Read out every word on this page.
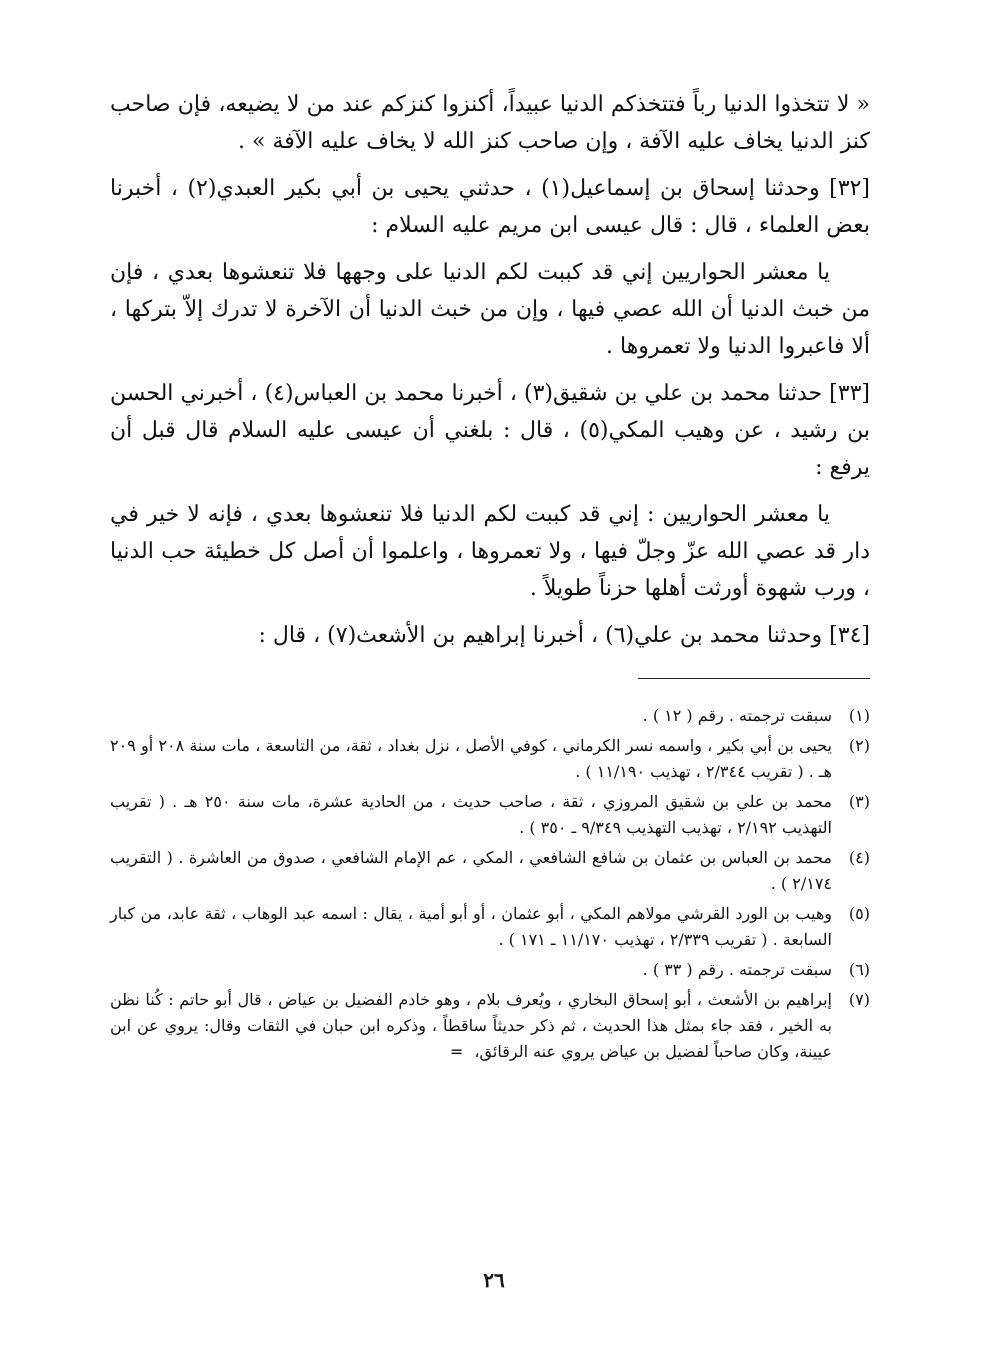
« لا تتخذوا الدنيا رباً فتتخذكم الدنيا عبيداً، أكنزوا كنزكم عند من لا يضيعه، فإن صاحب كنز الدنيا يخاف عليه الآفة ، وإن صاحب كنز الله لا يخاف عليه الآفة » .

[٣٢] وحدثنا إسحاق بن إسماعيل(١) ، حدثني يحيى بن أبي بكير العبدي(٢) ، أخبرنا بعض العلماء ، قال : قال عيسى ابن مريم عليه السلام :

يا معشر الحواريين إني قد كببت لكم الدنيا على وجهها فلا تنعشوها بعدي ، فإن من خبث الدنيا أن الله عصي فيها ، وإن من خبث الدنيا أن الآخرة لا تدرك إلاّ بتركها ، ألا فاعبروا الدنيا ولا تعمروها .

[٣٣] حدثنا محمد بن علي بن شقيق(٣) ، أخبرنا محمد بن العباس(٤) ، أخبرني الحسن بن رشيد ، عن وهيب المكي(٥) ، قال : بلغني أن عيسى عليه السلام قال قبل أن يرفع :

يا معشر الحواريين : إني قد كببت لكم الدنيا فلا تنعشوها بعدي ، فإنه لا خير في دار قد عصي الله عزّ وجلّ فيها ، ولا تعمروها ، واعلموا أن أصل كل خطيئة حب الدنيا ، ورب شهوة أورثت أهلها حزناً طويلاً .

[٣٤] وحدثنا محمد بن علي(٦) ، أخبرنا إبراهيم بن الأشعث(٧) ، قال :

(١)
سبقت ترجمته . رقم ( ١٢ ) .
(٢)
يحيى بن أبي بكير ، واسمه نسر الكرماني ، كوفي الأصل ، نزل بغداد ، ثقة، من التاسعة ، مات سنة ٢٠٨ أو ٢٠٩ هـ . ( تقريب ٢/٣٤٤ ، تهذيب ١١/١٩٠ ) .
(٣)
محمد بن علي بن شقيق المروزي ، ثقة ، صاحب حديث ، من الحادية عشرة، مات سنة ٢٥٠ هـ . ( تقريب التهذيب ٢/١٩٢ ، تهذيب التهذيب ٩/٣٤٩ ـ ٣٥٠ ) .
(٤)
محمد بن العباس بن عثمان بن شافع الشافعي ، المكي ، عم الإمام الشافعي ، صدوق من العاشرة . ( التقريب ٢/١٧٤ ) .
(٥)
وهيب بن الورد القرشي مولاهم المكي ، أبو عثمان ، أو أبو أمية ، يقال : اسمه عبد الوهاب ، ثقة عابد، من كبار السابعة . ( تقريب ٢/٣٣٩ ، تهذيب ١١/١٧٠ ـ ١٧١ ) .
(٦)
سبقت ترجمته . رقم ( ٣٣ ) .
(٧)
إبراهيم بن الأشعث ، أبو إسحاق البخاري ، ويُعرف بلام ، وهو خادم الفضيل بن عياض ، قال أبو حاتم : كُنا نظن به الخير ، فقد جاء بمثل هذا الحديث ، ثم ذكر حديثاً ساقطاً ، وذكره ابن حبان في الثقات وقال: يروي عن ابن عيينة، وكان صاحباً لفضيل بن عياض يروي عنه الرقائق، =
٢٦
